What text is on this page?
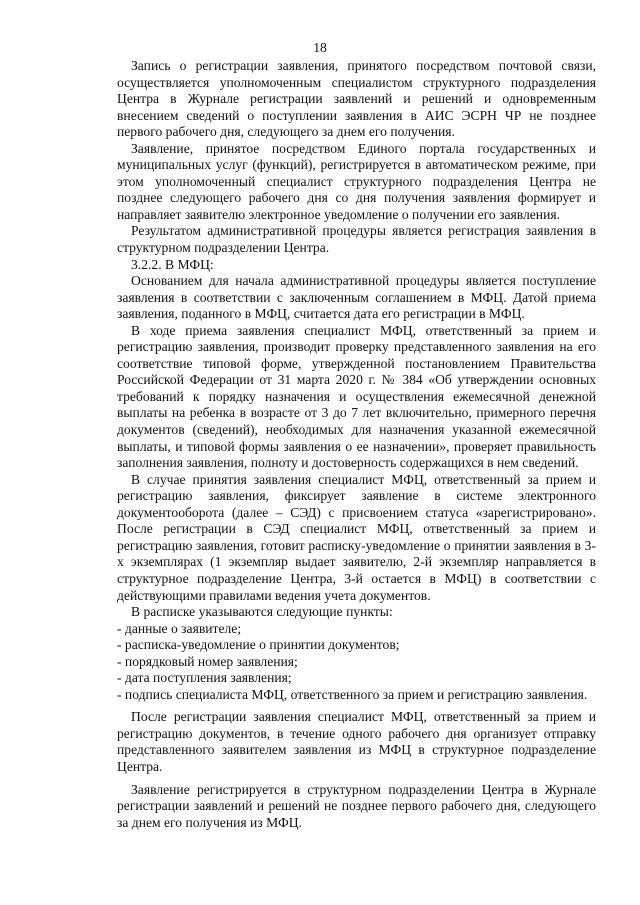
18

Запись о регистрации заявления, принятого посредством почтовой связи, осуществляется уполномоченным специалистом структурного подразделения Центра в Журнале регистрации заявлений и решений и одновременным внесением сведений о поступлении заявления в АИС ЭСРН ЧР не позднее первого рабочего дня, следующего за днем его получения.

Заявление, принятое посредством Единого портала государственных и муниципальных услуг (функций), регистрируется в автоматическом режиме, при этом уполномоченный специалист структурного подразделения Центра не позднее следующего рабочего дня со дня получения заявления формирует и направляет заявителю электронное уведомление о получении его заявления.

Результатом административной процедуры является регистрация заявления в структурном подразделении Центра.

3.2.2. В МФЦ:

Основанием для начала административной процедуры является поступление заявления в соответствии с заключенным соглашением в МФЦ. Датой приема заявления, поданного в МФЦ, считается дата его регистрации в МФЦ.

В ходе приема заявления специалист МФЦ, ответственный за прием и регистрацию заявления, производит проверку представленного заявления на его соответствие типовой форме, утвержденной постановлением Правительства Российской Федерации от 31 марта 2020 г. № 384 «Об утверждении основных требований к порядку назначения и осуществления ежемесячной денежной выплаты на ребенка в возрасте от 3 до 7 лет включительно, примерного перечня документов (сведений), необходимых для назначения указанной ежемесячной выплаты, и типовой формы заявления о ее назначении», проверяет правильность заполнения заявления, полноту и достоверность содержащихся в нем сведений.

В случае принятия заявления специалист МФЦ, ответственный за прием и регистрацию заявления, фиксирует заявление в системе электронного документооборота (далее – СЭД) с присвоением статуса «зарегистрировано». После регистрации в СЭД специалист МФЦ, ответственный за прием и регистрацию заявления, готовит расписку-уведомление о принятии заявления в 3-х экземплярах (1 экземпляр выдает заявителю, 2-й экземпляр направляется в структурное подразделение Центра, 3-й остается в МФЦ) в соответствии с действующими правилами ведения учета документов.

В расписке указываются следующие пункты:

- данные о заявителе;

- расписка-уведомление о принятии документов;

- порядковый номер заявления;

- дата поступления заявления;

- подпись специалиста МФЦ, ответственного за прием и регистрацию заявления.

После регистрации заявления специалист МФЦ, ответственный за прием и регистрацию документов, в течение одного рабочего дня организует отправку представленного заявителем заявления из МФЦ в структурное подразделение Центра.

Заявление регистрируется в структурном подразделении Центра в Журнале регистрации заявлений и решений не позднее первого рабочего дня, следующего за днем его получения из МФЦ.
